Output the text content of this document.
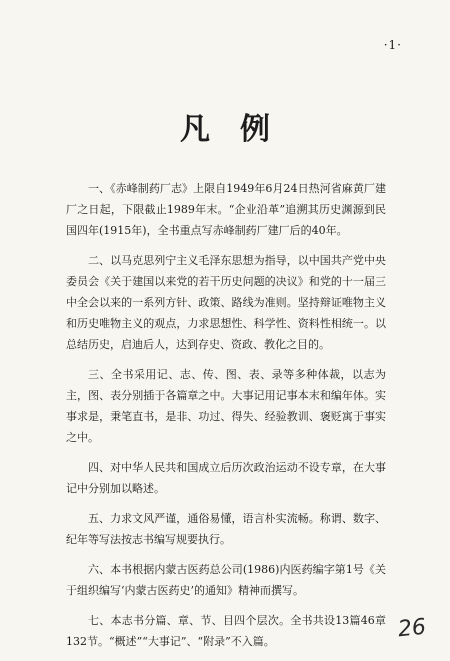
·1·
凡例

一、《赤峰制药厂志》上限自1949年6月24日热河省麻黄厂建厂之日起，下限截止1989年末。“企业沿革”追溯其历史渊源到民国四年(1915年)，全书重点写赤峰制药厂建厂后的40年。

二、以马克思列宁主义毛泽东思想为指导，以中国共产党中央委员会《关于建国以来党的若干历史问题的决议》和党的十一届三中全会以来的一系列方针、政策、路线为准则。坚持辩证唯物主义和历史唯物主义的观点，力求思想性、科学性、资料性相统一。以总结历史，启迪后人，达到存史、资政、教化之目的。

三、全书采用记、志、传、图、表、录等多种体裁，以志为主，图、表分别插于各篇章之中。大事记用记事本末和编年体。实事求是，秉笔直书，是非、功过、得失、经验教训、褒贬寓于事实之中。

四、对中华人民共和国成立后历次政治运动不设专章，在大事记中分别加以略述。

五、力求文风严谨，通俗易懂，语言朴实流畅。称谓、数字、纪年等写法按志书编写规要执行。

六、本书根据内蒙古医药总公司(1986)内医药编字第1号《关于组织编写‘内蒙古医药史’的通知》精神而撰写。

七、本志书分篇、章、节、目四个层次。全书共设13篇46章132节。“概述”“大事记”、“附录”不入篇。	26
